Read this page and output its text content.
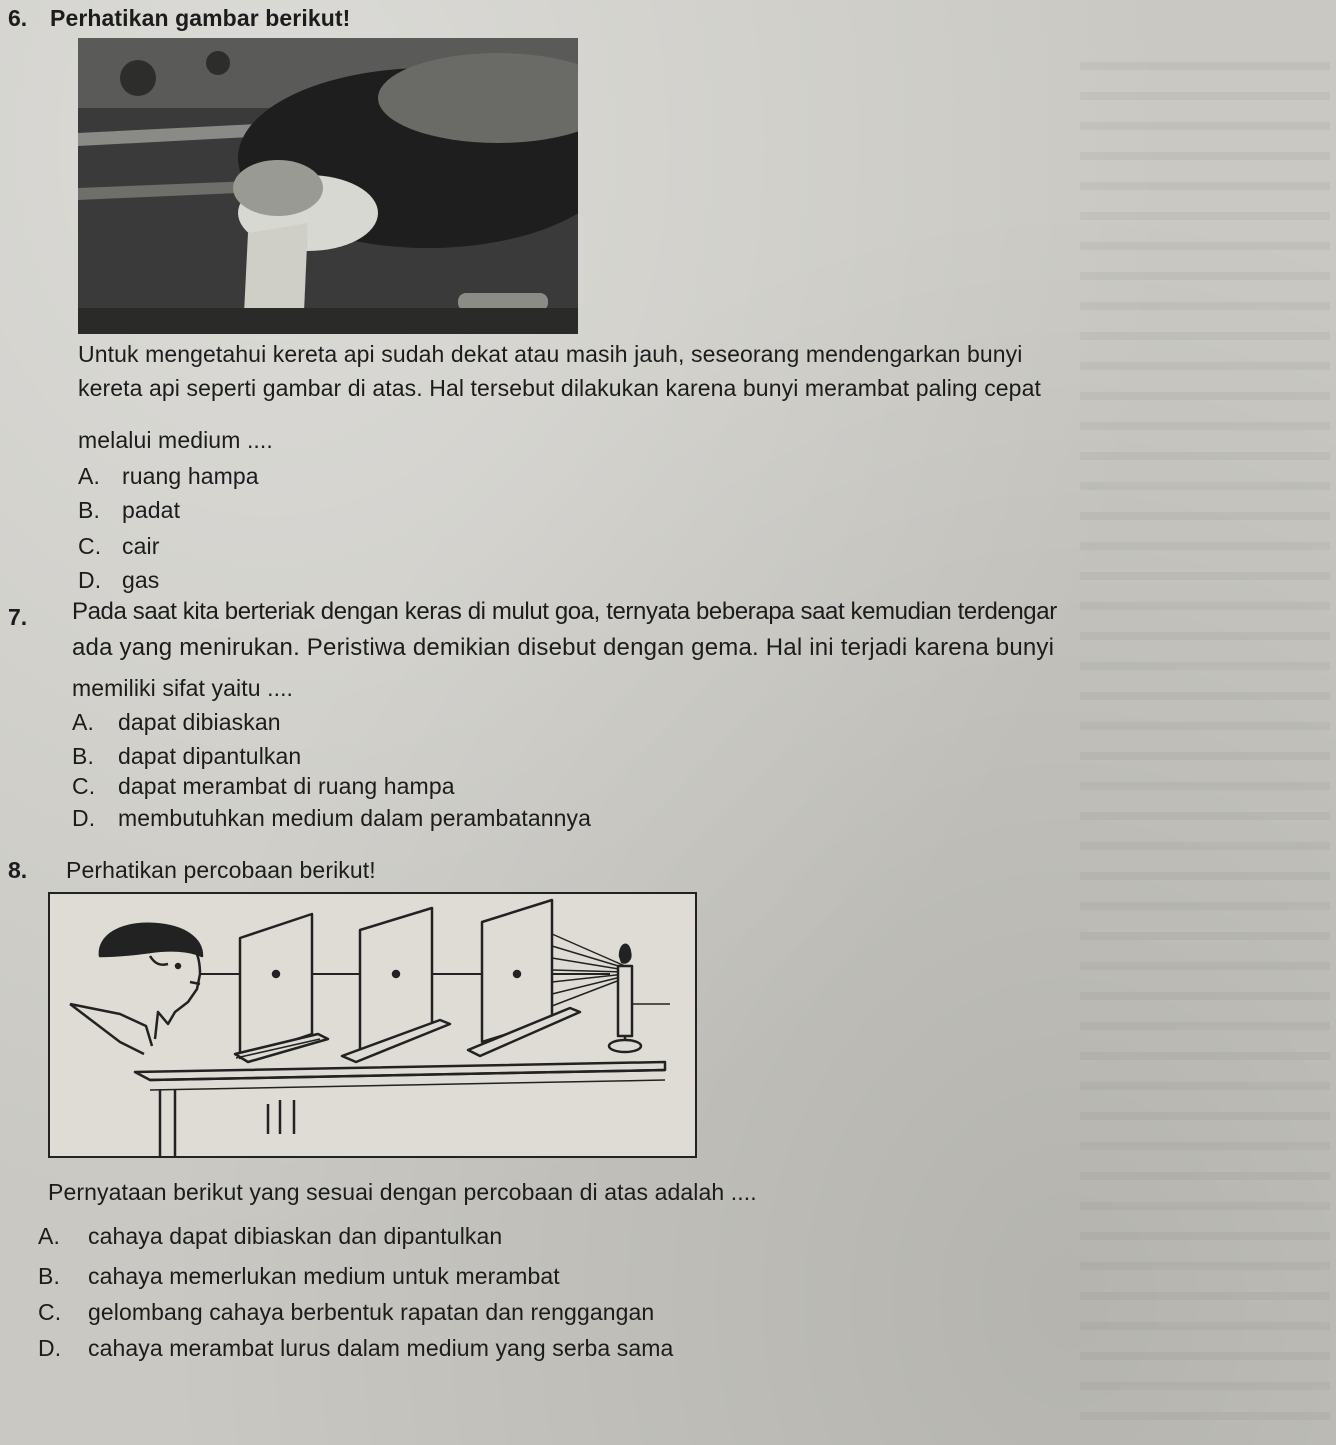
6. Perhatikan gambar berikut!
Untuk mengetahui kereta api sudah dekat atau masih jauh, seseorang mendengarkan bunyi
kereta api seperti gambar di atas. Hal tersebut dilakukan karena bunyi merambat paling cepat
melalui medium ....
A. ruang hampa
B. padat
C. cair
D. gas
7. Pada saat kita berteriak dengan keras di mulut goa, ternyata beberapa saat kemudian terdengar
ada yang menirukan. Peristiwa demikian disebut dengan gema. Hal ini terjadi karena bunyi
memiliki sifat yaitu ....
A. dapat dibiaskan
B. dapat dipantulkan
C. dapat merambat di ruang hampa
D. membutuhkan medium dalam perambatannya
8. Perhatikan percobaan berikut!
Pernyataan berikut yang sesuai dengan percobaan di atas adalah ....
A. cahaya dapat dibiaskan dan dipantulkan
B. cahaya memerlukan medium untuk merambat
C. gelombang cahaya berbentuk rapatan dan renggangan
D. cahaya merambat lurus dalam medium yang serba sama
